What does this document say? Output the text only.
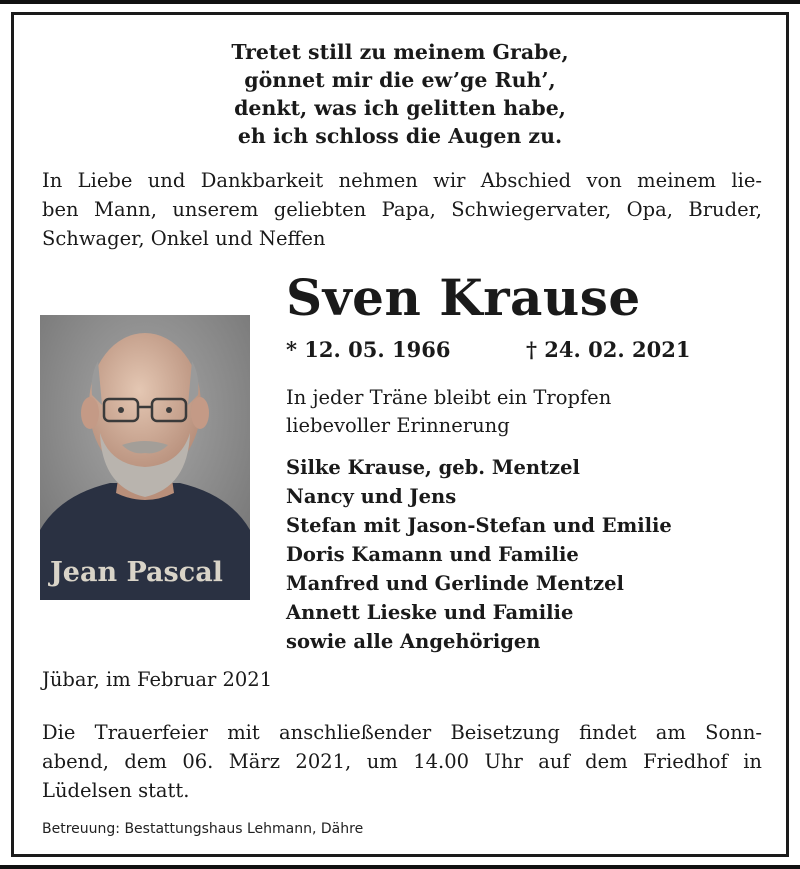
Tretet still zu meinem Grabe,
gönnet mir die ew’ge Ruh’,
denkt, was ich gelitten habe,
eh ich schloss die Augen zu.
In Liebe und Dankbarkeit nehmen wir Abschied von meinem lie-
ben Mann, unserem geliebten Papa, Schwiegervater, Opa, Bruder,
Schwager, Onkel und Neffen
Sven Krause
* 12. 05. 1966	† 24. 02. 2021
Jean Pascal
In jeder Träne bleibt ein Tropfen
liebevoller Erinnerung
Silke Krause, geb. Mentzel
Nancy und Jens
Stefan mit Jason-Stefan und Emilie
Doris Kamann und Familie
Manfred und Gerlinde Mentzel
Annett Lieske und Familie
sowie alle Angehörigen
Jübar, im Februar 2021
Die Trauerfeier mit anschließender Beisetzung findet am Sonn-
abend, dem 06. März 2021, um 14.00 Uhr auf dem Friedhof in
Lüdelsen statt.
Betreuung: Bestattungshaus Lehmann, Dähre
